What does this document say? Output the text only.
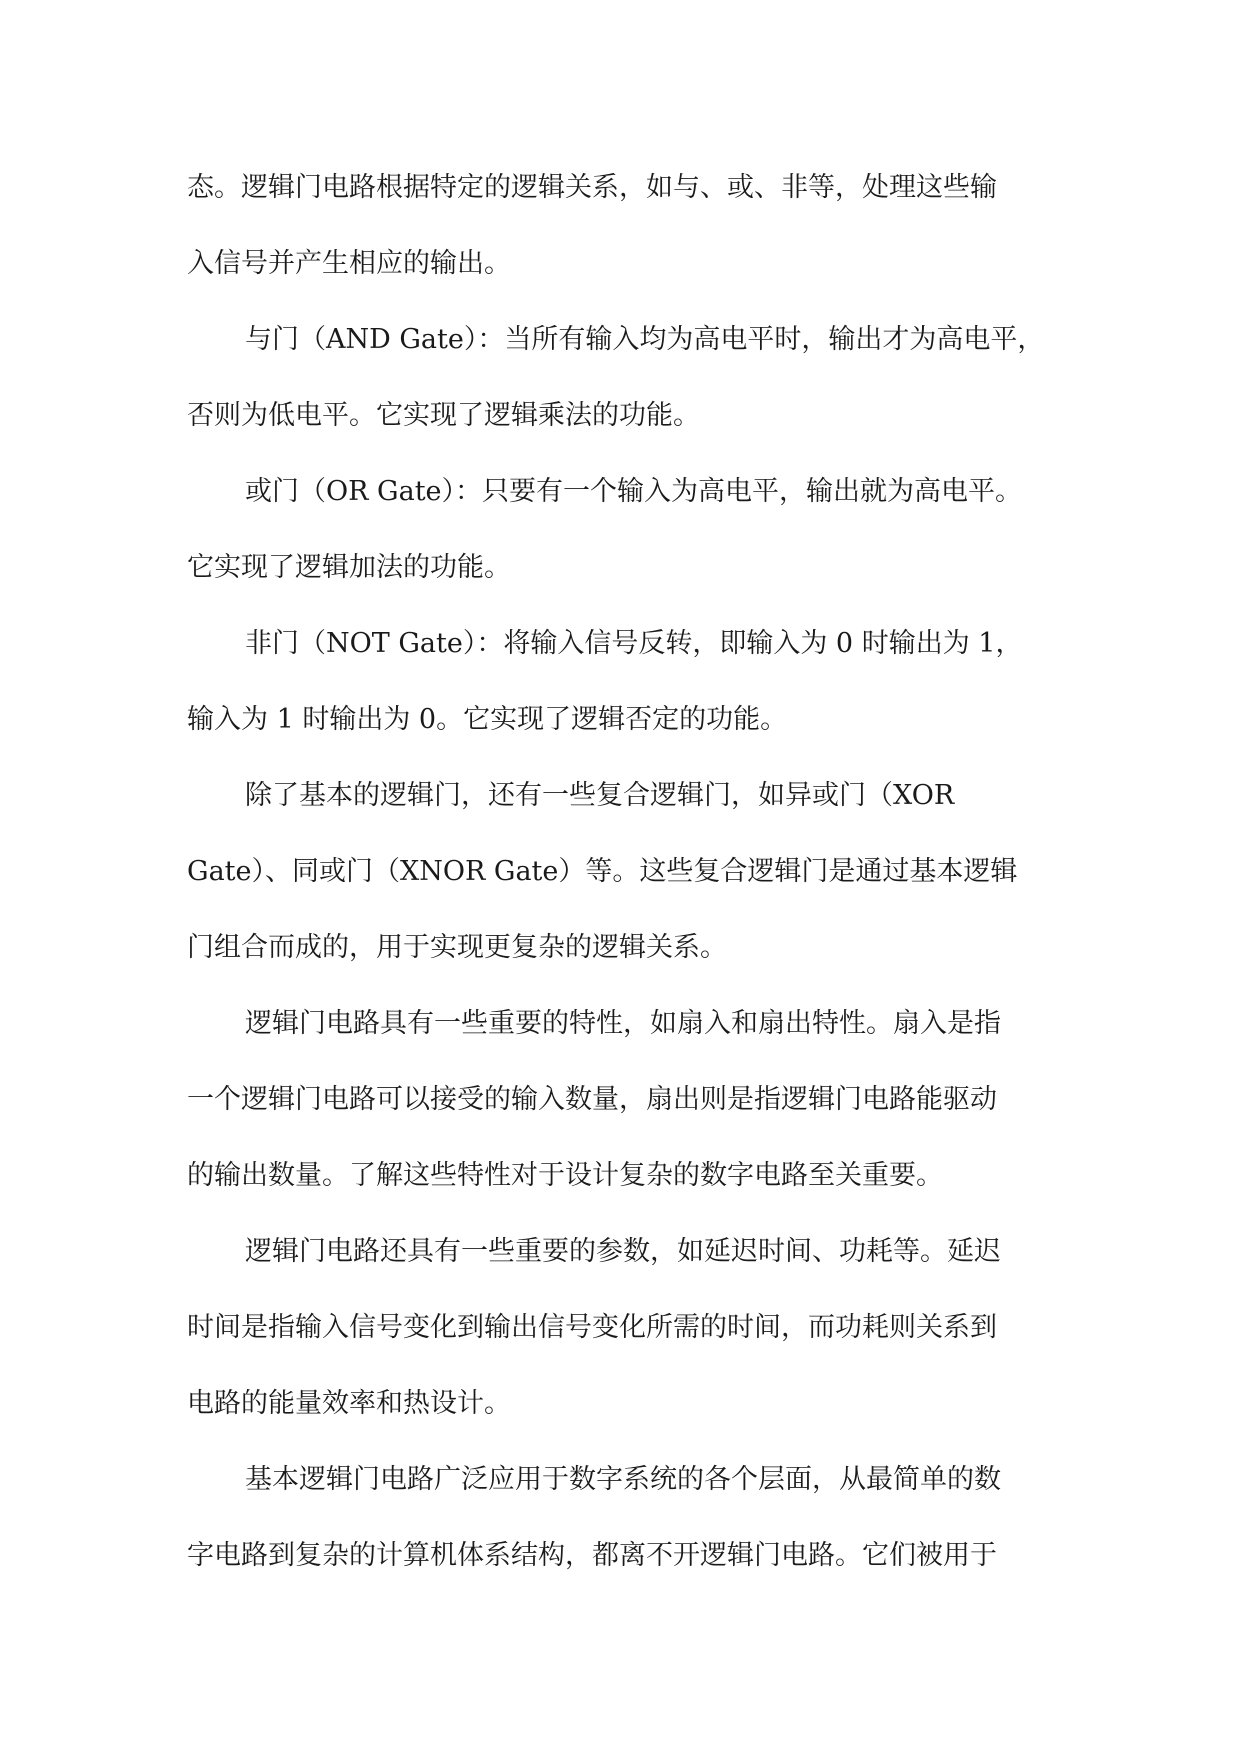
态。逻辑门电路根据特定的逻辑关系，如与、或、非等，处理这些输
入信号并产生相应的输出。
与门（AND Gate）：当所有输入均为高电平时，输出才为高电平，
否则为低电平。它实现了逻辑乘法的功能。
或门（OR Gate）：只要有一个输入为高电平，输出就为高电平。
它实现了逻辑加法的功能。
非门（NOT Gate）：将输入信号反转，即输入为 0 时输出为 1，
输入为 1 时输出为 0。它实现了逻辑否定的功能。
除了基本的逻辑门，还有一些复合逻辑门，如异或门（XOR
Gate）、同或门（XNOR Gate）等。这些复合逻辑门是通过基本逻辑
门组合而成的，用于实现更复杂的逻辑关系。
逻辑门电路具有一些重要的特性，如扇入和扇出特性。扇入是指
一个逻辑门电路可以接受的输入数量，扇出则是指逻辑门电路能驱动
的输出数量。了解这些特性对于设计复杂的数字电路至关重要。
逻辑门电路还具有一些重要的参数，如延迟时间、功耗等。延迟
时间是指输入信号变化到输出信号变化所需的时间，而功耗则关系到
电路的能量效率和热设计。
基本逻辑门电路广泛应用于数字系统的各个层面，从最简单的数
字电路到复杂的计算机体系结构，都离不开逻辑门电路。它们被用于
